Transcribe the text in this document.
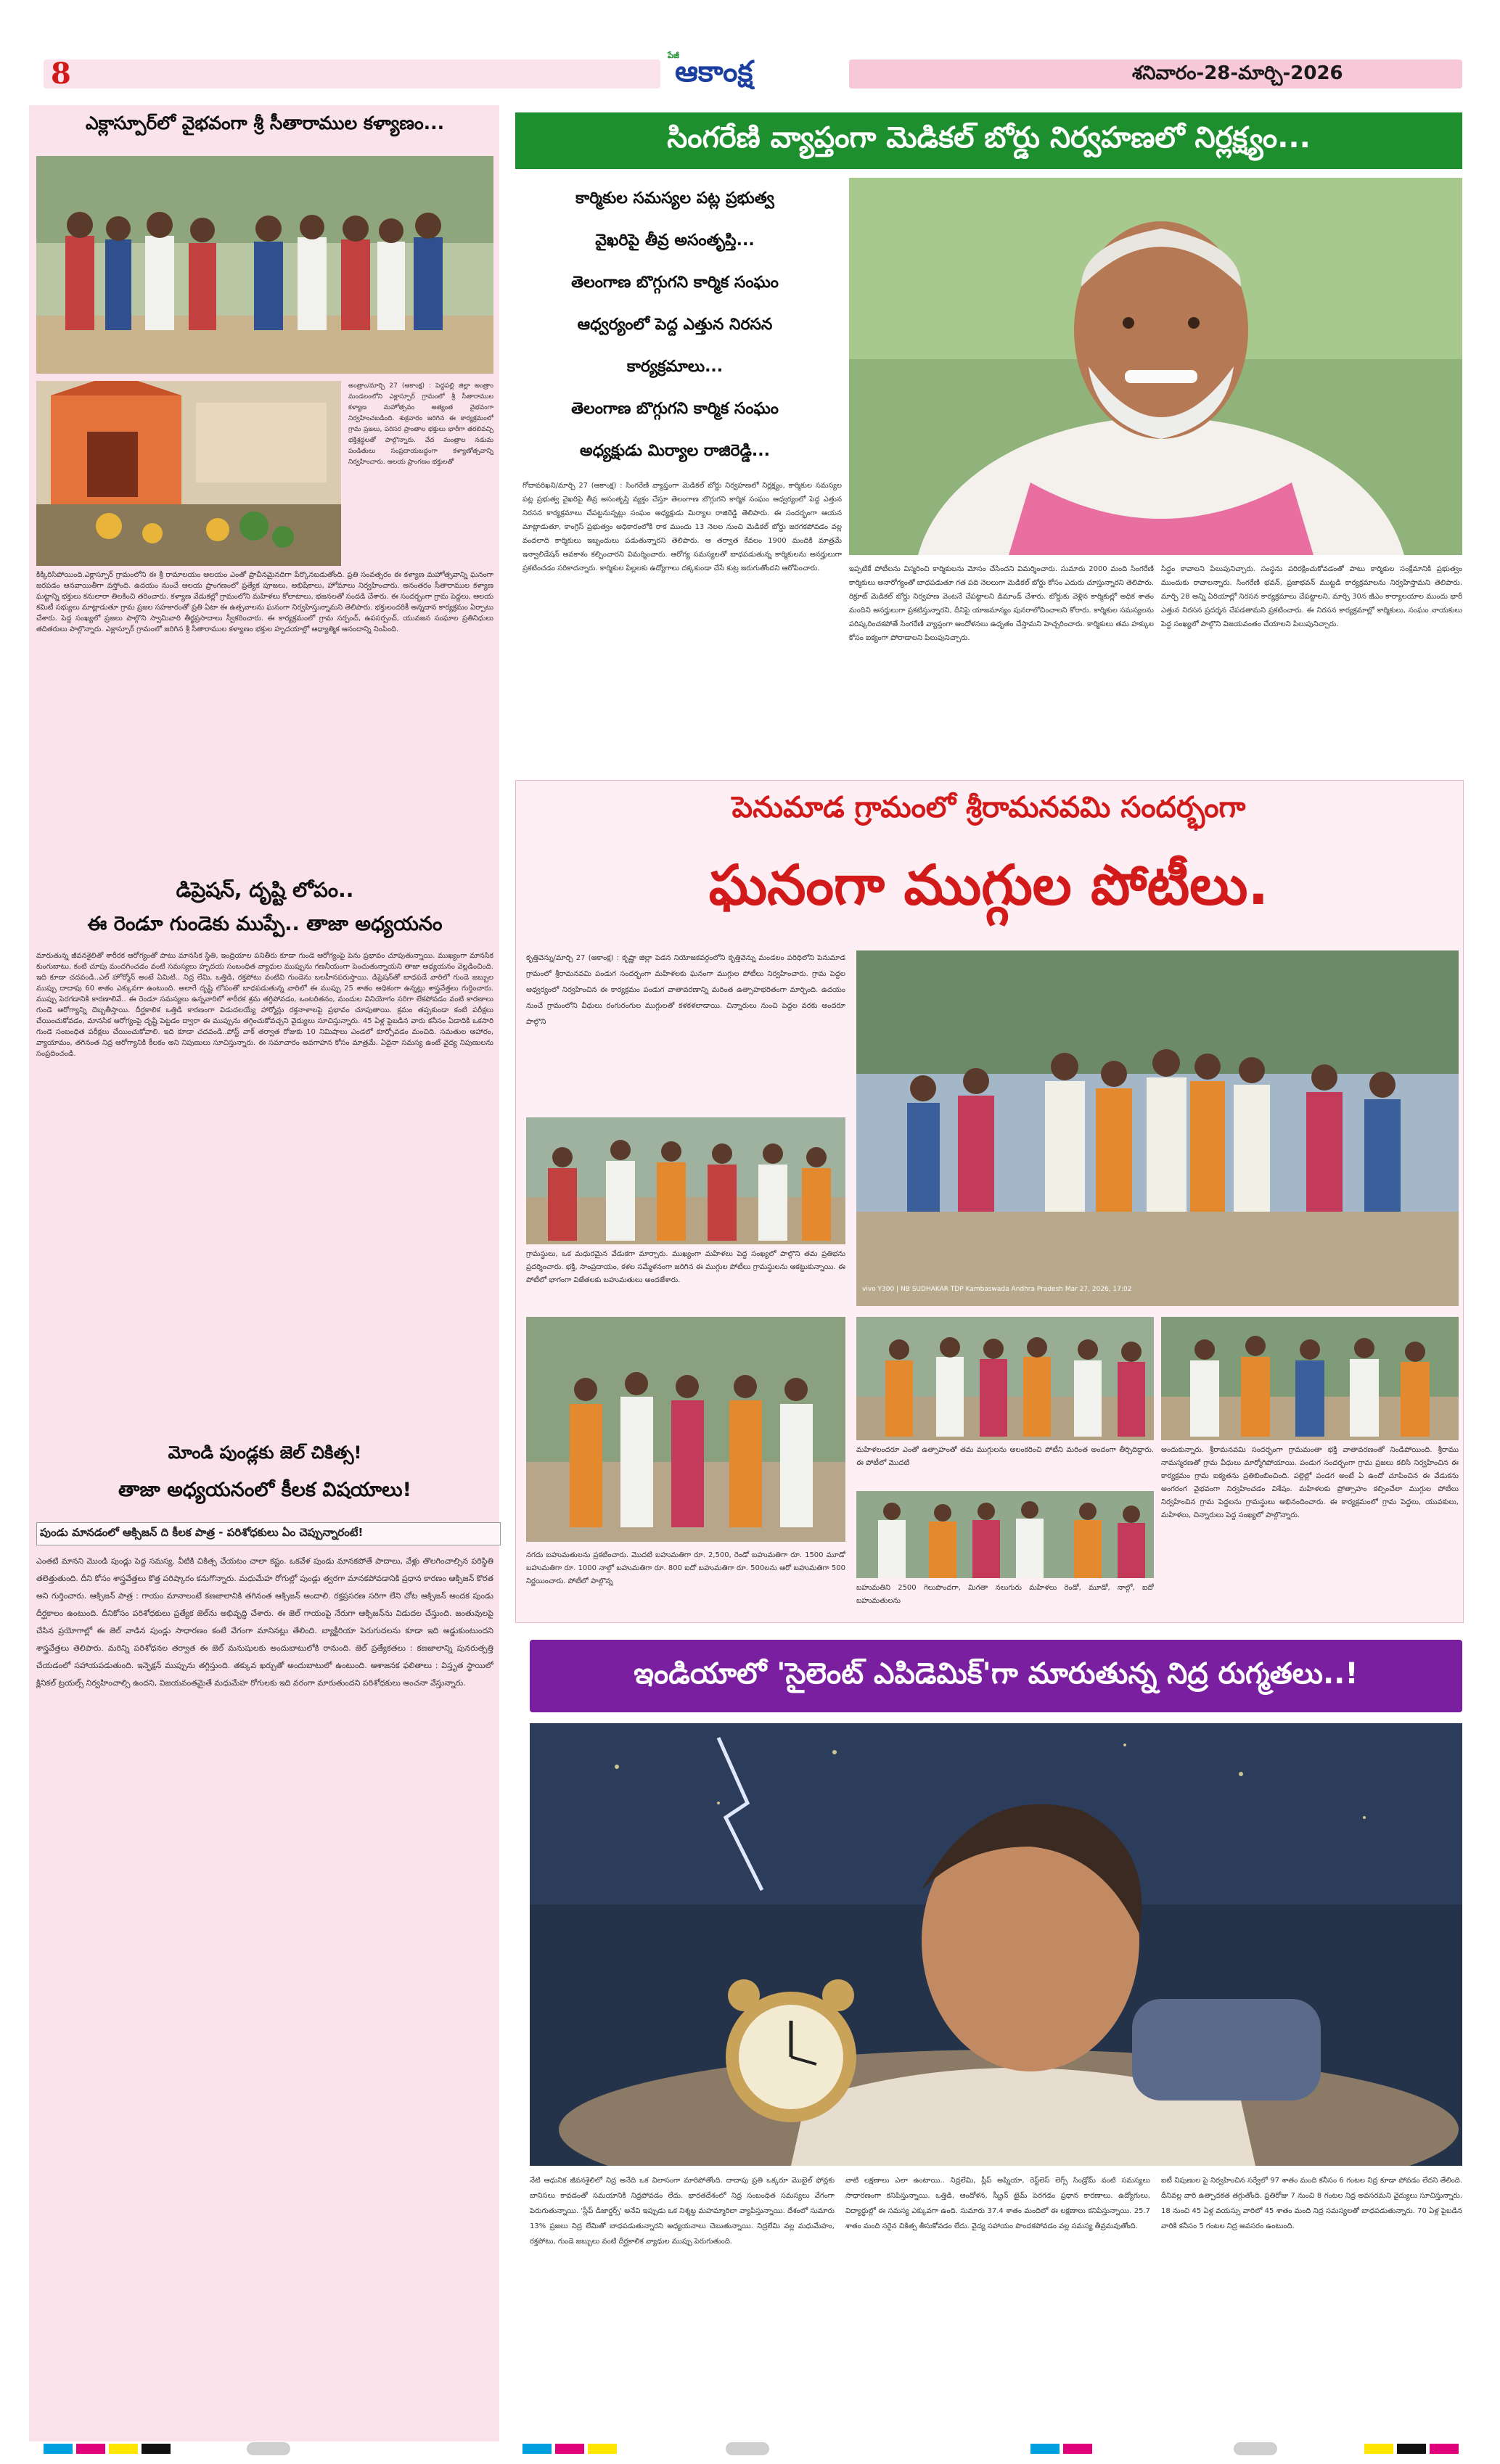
8
పేజీ
ఆకాంక్ష	శనివారం-28-మార్చి-2026
ఎక్లాస్పూర్‌లో వైభవంగా శ్రీ సీతారాముల కళ్యాణం...
అంత్రాం/మార్చి 27 (ఆకాంక్ష) : పెద్దపల్లి జిల్లా అంత్రాం మండలంలోని ఎక్లాస్పూర్ గ్రామంలో శ్రీ సీతారాముల కళ్యాణ మహోత్సవం అత్యంత వైభవంగా నిర్వహించబడింది. శుక్రవారం జరిగిన ఈ కార్యక్రమంలో గ్రామ ప్రజలు, పరిసర ప్రాంతాల భక్తులు భారీగా తరలివచ్చి భక్తిశ్రద్ధలతో పాల్గొన్నారు. వేద మంత్రాల నడుమ పండితులు సంప్రదాయబద్ధంగా కళ్యాణోత్సవాన్ని నిర్వహించారు. ఆలయ ప్రాంగణం భక్తులతో
కిక్కిరిసిపోయింది.ఎక్లాస్పూర్ గ్రామంలోని ఈ శ్రీ రామాలయం ఆలయం ఎంతో ప్రాచీనమైనదిగా పేర్కొనబడుతోంది. ప్రతి సంవత్సరం ఈ కళ్యాణ మహోత్సవాన్ని ఘనంగా జరపడం ఆనవాయితీగా వస్తోంది. ఉదయం నుంచే ఆలయ ప్రాంగణంలో ప్రత్యేక పూజలు, అభిషేకాలు, హోమాలు నిర్వహించారు. అనంతరం సీతారాముల కళ్యాణ ఘట్టాన్ని భక్తులు కనులారా తిలకించి తరించారు. కళ్యాణ వేడుకల్లో గ్రామంలోని మహిళలు కోలాటాలు, భజనలతో సందడి చేశారు. ఈ సందర్భంగా గ్రామ పెద్దలు, ఆలయ కమిటీ సభ్యులు మాట్లాడుతూ గ్రామ ప్రజల సహకారంతో ప్రతి ఏటా ఈ ఉత్సవాలను ఘనంగా నిర్వహిస్తున్నామని తెలిపారు. భక్తులందరికీ అన్నదాన కార్యక్రమం ఏర్పాటు చేశారు. పెద్ద సంఖ్యలో ప్రజలు పాల్గొని స్వామివారి తీర్థప్రసాదాలు స్వీకరించారు. ఈ కార్యక్రమంలో గ్రామ సర్పంచ్, ఉపసర్పంచ్, యువజన సంఘాల ప్రతినిధులు తదితరులు పాల్గొన్నారు. ఎక్లాస్పూర్ గ్రామంలో జరిగిన శ్రీ సీతారాముల కళ్యాణం భక్తుల హృదయాల్లో ఆధ్యాత్మిక ఆనందాన్ని నింపింది.
డిప్రెషన్, దృష్టి లోపం..
ఈ రెండూ గుండెకు ముప్పే.. తాజా అధ్యయనం
మారుతున్న జీవనశైలితో శారీరక ఆరోగ్యంతో పాటు మానసిక స్థితి, ఇంద్రియాల పనితీరు కూడా గుండె ఆరోగ్యంపై పెను ప్రభావం చూపుతున్నాయి. ముఖ్యంగా మానసిక కుంగుబాటు, కంటి చూపు మందగించడం వంటి సమస్యలు హృదయ సంబంధిత వ్యాధుల ముప్పును గణనీయంగా పెంచుతున్నాయని తాజా అధ్యయనం వెల్లడించింది. ఇది కూడా చదవండి..ఎల్ హోర్మోన్ అంటే ఏమిటి.. నిద్ర లేమి, ఒత్తిడి, రక్తపోటు వంటివి గుండెను బలహీనపరుస్తాయి. డిప్రెషన్‌తో బాధపడే వారిలో గుండె జబ్బుల ముప్పు దాదాపు 60 శాతం ఎక్కువగా ఉంటుంది. అలాగే దృష్టి లోపంతో బాధపడుతున్న వారిలో ఈ ముప్పు 25 శాతం అధికంగా ఉన్నట్లు శాస్త్రవేత్తలు గుర్తించారు. ముప్పు పెరగడానికి కారణాలివే.. ఈ రెండూ సమస్యలు ఉన్నవారిలో శారీరక శ్రమ తగ్గిపోవడం, ఒంటరితనం, మందుల వినియోగం సరిగా లేకపోవడం వంటి కారణాలు గుండె ఆరోగ్యాన్ని దెబ్బతీస్తాయి. దీర్ఘకాలిక ఒత్తిడి కారణంగా విడుదలయ్యే హార్మోన్లు రక్తనాళాలపై ప్రభావం చూపుతాయి. క్రమం తప్పకుండా కంటి పరీక్షలు చేయించుకోవడం, మానసిక ఆరోగ్యంపై దృష్టి పెట్టడం ద్వారా ఈ ముప్పును తగ్గించుకోవచ్చని వైద్యులు సూచిస్తున్నారు. 45 ఏళ్ల పైబడిన వారు కనీసం ఏడాదికి ఒకసారి గుండె సంబంధిత పరీక్షలు చేయించుకోవాలి. ఇది కూడా చదవండి..పోస్ట్ వాక్ తర్వాత రోజుకు 10 నిమిషాలు ఎండలో కూర్చోవడం మంచిది. సమతుల ఆహారం, వ్యాయామం, తగినంత నిద్ర ఆరోగ్యానికి కీలకం అని నిపుణులు సూచిస్తున్నారు. ఈ సమాచారం అవగాహన కోసం మాత్రమే. ఏదైనా సమస్య ఉంటే వైద్య నిపుణులను సంప్రదించండి.
మోండి పుండ్లకు జెల్ చికిత్స!
తాజా అధ్యయనంలో కీలక విషయాలు!
పుండు మానడంలో ఆక్సిజన్ ది కీలక పాత్ర - పరిశోధకులు ఏం చెప్పున్నారంటే!
ఎంతటి మానని మొండి పుండ్లు పెద్ద సమస్య. వీటికి చికిత్స చేయటం చాలా కష్టం. ఒకవేళ పుండు మానకపోతే పాదాలు, వేళ్లు తొలగించాల్సిన పరిస్థితి తలెత్తుతుంది. దీని కోసం శాస్త్రవేత్తలు కొత్త పరిష్కారం కనుగొన్నారు. మధుమేహ రోగుల్లో పుండ్లు త్వరగా మానకపోవడానికి ప్రధాన కారణం ఆక్సిజన్ కొరత అని గుర్తించారు. ఆక్సిజన్ పాత్ర : గాయం మానాలంటే కణజాలానికి తగినంత ఆక్సిజన్ అందాలి. రక్తప్రసరణ సరిగా లేని చోట ఆక్సిజన్ అందక పుండు దీర్ఘకాలం ఉంటుంది. దీనికోసం పరిశోధకులు ప్రత్యేక జెల్‌ను అభివృద్ధి చేశారు. ఈ జెల్ గాయంపై నేరుగా ఆక్సిజన్‌ను విడుదల చేస్తుంది. జంతువులపై చేసిన ప్రయోగాల్లో ఈ జెల్ వాడిన పుండ్లు సాధారణం కంటే వేగంగా మానినట్లు తేలింది. బ్యాక్టీరియా పెరుగుదలను కూడా ఇది అడ్డుకుంటుందని శాస్త్రవేత్తలు తెలిపారు. మరిన్ని పరిశోధనల తర్వాత ఈ జెల్ మనుషులకు అందుబాటులోకి రానుంది. జెల్ ప్రత్యేకతలు : కణజాలాన్ని పునరుత్పత్తి చేయడంలో సహాయపడుతుంది. ఇన్ఫెక్షన్ ముప్పును తగ్గిస్తుంది. తక్కువ ఖర్చుతో అందుబాటులో ఉంటుంది. ఆశాజనక ఫలితాలు : విస్తృత స్థాయిలో క్లినికల్ ట్రయల్స్ నిర్వహించాల్సి ఉందని, విజయవంతమైతే మధుమేహ రోగులకు ఇది వరంగా మారుతుందని పరిశోధకులు అంచనా వేస్తున్నారు.
సింగరేణి వ్యాప్తంగా మెడికల్ బోర్డు నిర్వహణలో నిర్లక్ష్యం...
కార్మికుల సమస్యల పట్ల ప్రభుత్వ
వైఖరిపై తీవ్ర అసంతృప్తి...
తెలంగాణ బొగ్గుగని కార్మిక సంఘం
ఆధ్వర్యంలో పెద్ద ఎత్తున నిరసన
కార్యక్రమాలు...
తెలంగాణ బొగ్గుగని కార్మిక సంఘం
అధ్యక్షుడు మిర్యాల రాజిరెడ్డి...
గోదావరిఖని/మార్చి 27 (ఆకాంక్ష) : సింగరేణి వ్యాప్తంగా మెడికల్ బోర్డు నిర్వహణలో నిర్లక్ష్యం, కార్మికుల సమస్యల పట్ల ప్రభుత్వ వైఖరిపై తీవ్ర అసంతృప్తి వ్యక్తం చేస్తూ తెలంగాణ బొగ్గుగని కార్మిక సంఘం ఆధ్వర్యంలో పెద్ద ఎత్తున నిరసన కార్యక్రమాలు చేపట్టనున్నట్లు సంఘం అధ్యక్షుడు మిర్యాల రాజిరెడ్డి తెలిపారు. ఈ సందర్భంగా ఆయన మాట్లాడుతూ, కాంగ్రెస్ ప్రభుత్వం అధికారంలోకి రాక ముందు 13 నెలల నుంచి మెడికల్ బోర్డు జరగకపోవడం వల్ల వందలాది కార్మికులు ఇబ్బందులు పడుతున్నారని తెలిపారు. ఆ తర్వాత కేవలం 1900 మందికి మాత్రమే ఇన్వాలిడేషన్ అవకాశం కల్పించారని విమర్శించారు. ఆరోగ్య సమస్యలతో బాధపడుతున్న కార్మికులను అనర్హులుగా ప్రకటించడం సరికాదన్నారు. కార్మికుల పిల్లలకు ఉద్యోగాలు దక్కకుండా చేసే కుట్ర జరుగుతోందని ఆరోపించారు.	ఇప్పటికే పోటీలను విస్మరించి కార్మికులను మోసం చేసిందని విమర్శించారు. సుమారు 2000 మంది సింగరేణి కార్మికులు అనారోగ్యంతో బాధపడుతూ గత పది నెలలుగా మెడికల్ బోర్డు కోసం ఎదురు చూస్తున్నారని తెలిపారు. రిక్రూట్ మెడికల్ బోర్డు నిర్వహణ వెంటనే చేపట్టాలని డిమాండ్ చేశారు. బోర్డుకు వెళ్లిన కార్మికుల్లో అధిక శాతం మందిని అనర్హులుగా ప్రకటిస్తున్నారని, దీనిపై యాజమాన్యం పునరాలోచించాలని కోరారు. కార్మికుల సమస్యలను పరిష్కరించకపోతే సింగరేణి వ్యాప్తంగా ఆందోళనలు ఉధృతం చేస్తామని హెచ్చరించారు. కార్మికులు తమ హక్కుల కోసం ఐక్యంగా పోరాడాలని పిలుపునిచ్చారు.
సిద్ధం కావాలని పిలుపునిచ్చారు. సంస్థను పరిరక్షించుకోవడంతో పాటు కార్మికుల సంక్షేమానికి ప్రభుత్వం ముందుకు రావాలన్నారు. సింగరేణి భవన్, ప్రజాభవన్ ముట్టడి కార్యక్రమాలను నిర్వహిస్తామని తెలిపారు. మార్చి 28 అన్ని ఏరియాల్లో నిరసన కార్యక్రమాలు చేపట్టాలని, మార్చి 30న జీఎం కార్యాలయాల ముందు భారీ ఎత్తున నిరసన ప్రదర్శన చేపడతామని ప్రకటించారు. ఈ నిరసన కార్యక్రమాల్లో కార్మికులు, సంఘం నాయకులు పెద్ద సంఖ్యలో పాల్గొని విజయవంతం చేయాలని పిలుపునిచ్చారు.
పెనుమాడ గ్రామంలో శ్రీరామనవమి సందర్భంగా
ఘనంగా ముగ్గుల పోటీలు.
కృత్తివెన్ను/మార్చి 27 (ఆకాంక్ష) : కృష్ణా జిల్లా పెడన నియోజకవర్గంలోని కృత్తివెన్ను మండలం పరిధిలోని పెనుమాడ గ్రామంలో శ్రీరామనవమి పండుగ సందర్భంగా మహిళలకు ఘనంగా ముగ్గుల పోటీలు నిర్వహించారు. గ్రామ పెద్దల ఆధ్వర్యంలో నిర్వహించిన ఈ కార్యక్రమం పండుగ వాతావరణాన్ని మరింత ఉత్సాహభరితంగా మార్చింది. ఉదయం నుంచే గ్రామంలోని వీధులు రంగురంగుల ముగ్గులతో కళకళలాడాయి. చిన్నారులు నుంచి పెద్దల వరకు అందరూ పాల్గొని
vivo Y300 | NB SUDHAKAR TDP Kambaswada Andhra Pradesh Mar 27, 2026, 17:02
గ్రామస్థులు, ఒక మధురమైన వేడుకగా మార్చారు. ముఖ్యంగా మహిళలు పెద్ద సంఖ్యలో పాల్గొని తమ ప్రతిభను ప్రదర్శించారు. భక్తి, సాంప్రదాయం, కళల సమ్మేళనంగా జరిగిన ఈ ముగ్గుల పోటీలు గ్రామస్థులను ఆకట్టుకున్నాయి. ఈ పోటీలో భాగంగా విజేతలకు బహుమతులు అందజేశారు.
మహిళలందరూ ఎంతో ఉత్సాహంతో తమ ముగ్గులను అలంకరించి పోటీని మరింత అందంగా తీర్చిదిద్దారు. ఈ పోటీలో మొదటి
అందుకున్నారు. శ్రీరామనవమి సందర్భంగా గ్రామమంతా భక్తి వాతావరణంతో నిండిపోయింది. శ్రీరాము నామస్మరణతో గ్రామ వీధులు మార్మోగిపోయాయి. పండుగ సందర్భంగా గ్రామ ప్రజలు కలిసి నిర్వహించిన ఈ కార్యక్రమం గ్రామ ఐక్యతను ప్రతిబింబించింది. పల్లెల్లో పండగ అంటే ఏ ఉందో చూపించిన ఈ వేడుకను అంగరంగ వైభవంగా నిర్వహించడం విశేషం. మహిళలకు ప్రోత్సాహం కల్పించేలా ముగ్గుల పోటీలు నిర్వహించిన గ్రామ పెద్దలను గ్రామస్థులు అభినందించారు. ఈ కార్యక్రమంలో గ్రామ పెద్దలు, యువకులు, మహిళలు, చిన్నారులు పెద్ద సంఖ్యలో పాల్గొన్నారు.
నగదు బహుమతులను ప్రకటించారు. మొదటి బహుమతిగా రూ. 2,500, రెండో బహుమతిగా రూ. 1500 మూడో బహుమతిగా రూ. 1000 నాల్గో బహుమతిగా రూ. 800 ఐదో బహుమతిగా రూ. 500లను ఆరో బహుమతిగా 500 నిర్ణయించారు. పోటీలో పాల్గొన్న
బహుమతిని 2500 గెలుపొందగా, మిగతా నలుగురు మహిళలు రెండో, మూడో, నాల్గో, ఐదో బహుమతులను
ఇండియాలో 'సైలెంట్ ఎపిడెమిక్'గా మారుతున్న నిద్ర రుగ్మతలు..!
నేటి ఆధునిక జీవనశైలిలో నిద్ర అనేది ఒక విలాసంగా మారిపోతోంది. దాదాపు ప్రతి ఒక్కరూ మొబైల్ ఫోన్లకు బానిసలు కావడంతో సమయానికి నిద్రపోవడం లేదు. భారతదేశంలో నిద్ర సంబంధిత సమస్యలు వేగంగా పెరుగుతున్నాయి. 'స్లీప్ డిజార్డర్స్' అనేవి ఇప్పుడు ఒక నిశ్శబ్ద మహమ్మారిలా వ్యాపిస్తున్నాయి. దేశంలో సుమారు 13% ప్రజలు నిద్ర లేమితో బాధపడుతున్నారని అధ్యయనాలు చెబుతున్నాయి. నిద్రలేమి వల్ల మధుమేహం, రక్తపోటు, గుండె జబ్బులు వంటి దీర్ఘకాలిక వ్యాధుల ముప్పు పెరుగుతుంది.
వాటి లక్షణాలు ఎలా ఉంటాయి.. నిద్రలేమి, స్లీప్ అప్నియా, రెస్ట్‌లెస్ లెగ్స్ సిండ్రోమ్ వంటి సమస్యలు సాధారణంగా కనిపిస్తున్నాయి. ఒత్తిడి, ఆందోళన, స్క్రీన్ టైమ్ పెరగడం ప్రధాన కారణాలు. ఉద్యోగులు, విద్యార్థుల్లో ఈ సమస్య ఎక్కువగా ఉంది. సుమారు 37.4 శాతం మందిలో ఈ లక్షణాలు కనిపిస్తున్నాయి. 25.7 శాతం మంది సరైన చికిత్స తీసుకోవడం లేదు. వైద్య సహాయం పొందకపోవడం వల్ల సమస్య తీవ్రమవుతోంది.
ఐటీ నిపుణుల పై నిర్వహించిన సర్వేలో 97 శాతం మంది కనీసం 6 గంటల నిద్ర కూడా పోవడం లేదని తేలింది. దీనివల్ల వారి ఉత్పాదకత తగ్గుతోంది. ప్రతిరోజు 7 నుంచి 8 గంటల నిద్ర అవసరమని వైద్యులు సూచిస్తున్నారు. 18 నుంచి 45 ఏళ్ల వయస్సు వారిలో 45 శాతం మంది నిద్ర సమస్యలతో బాధపడుతున్నారు. 70 ఏళ్ల పైబడిన వారికి కనీసం 5 గంటల నిద్ర అవసరం ఉంటుంది.
